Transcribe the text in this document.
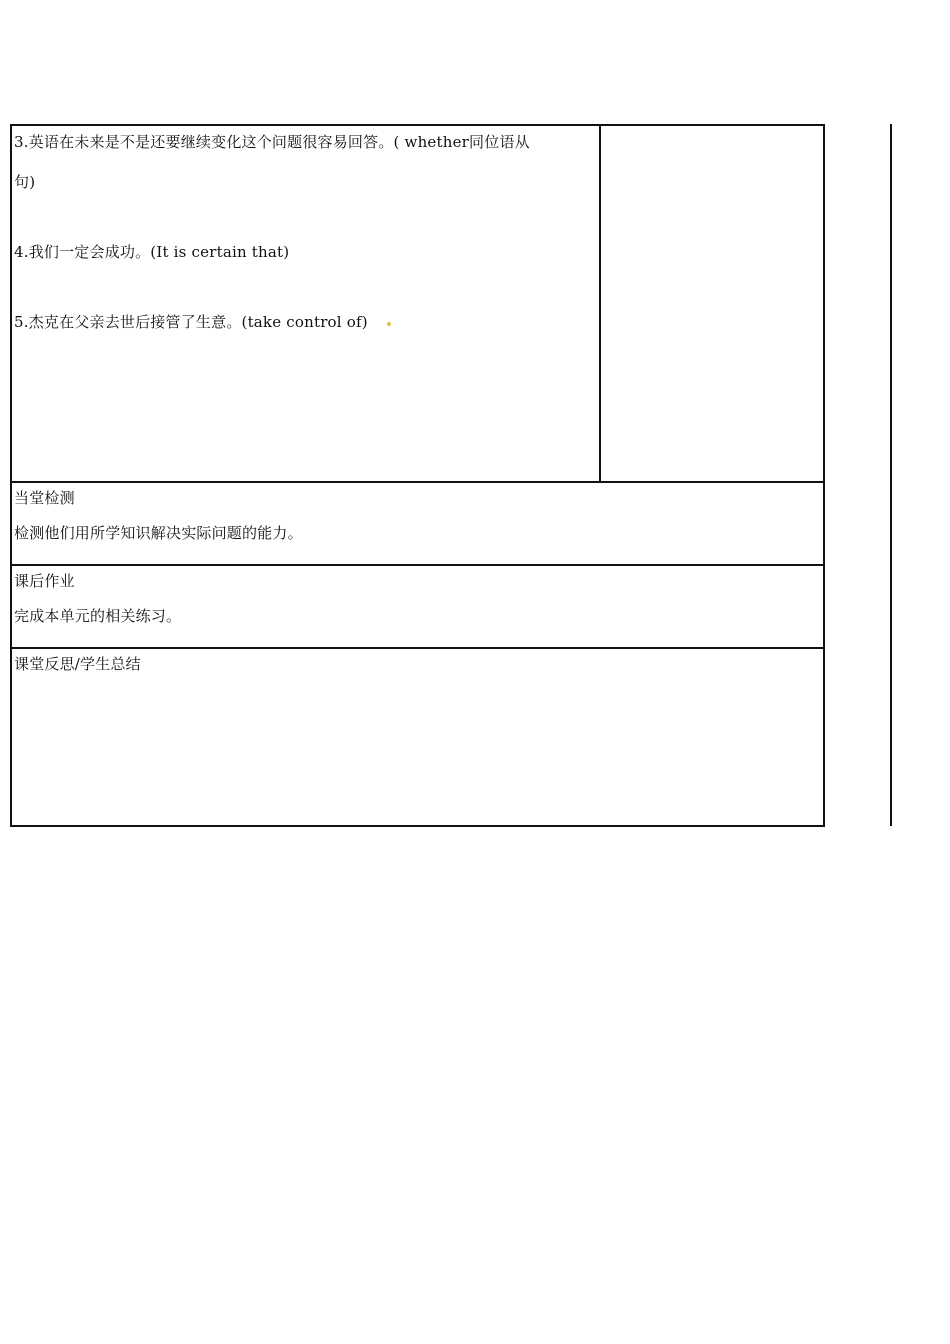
3.英语在未来是不是还要继续变化这个问题很容易回答。( whether同位语从
句)
4.我们一定会成功。(It is certain that)
5.杰克在父亲去世后接管了生意。(take control of)
当堂检测
检测他们用所学知识解决实际问题的能力。
课后作业
完成本单元的相关练习。
课堂反思/学生总结
